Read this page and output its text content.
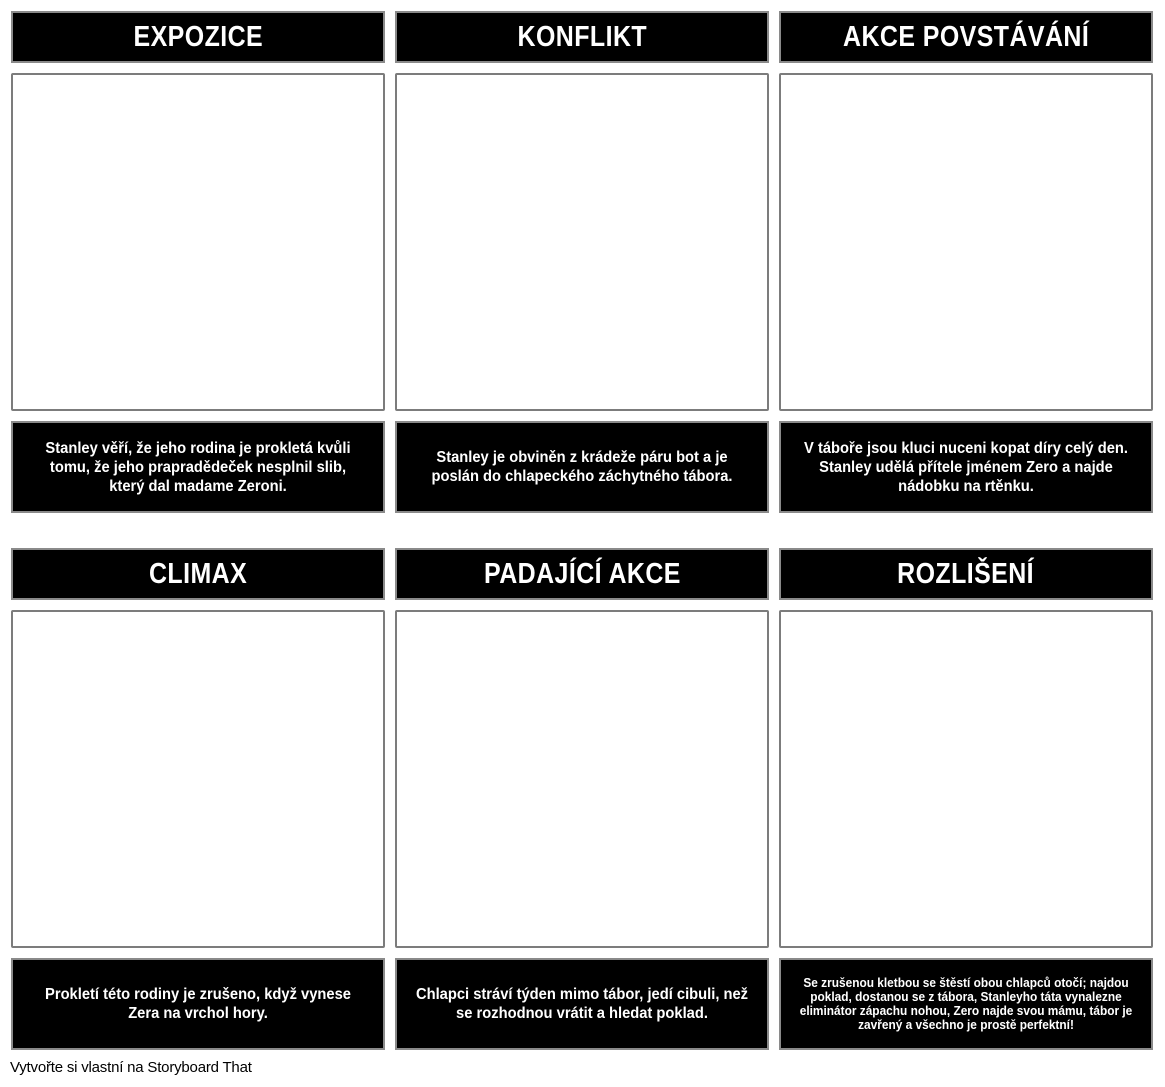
EXPOZICE
Stanley věří, že jeho rodina je prokletá kvůli tomu, že jeho prapradědeček nesplnil slib, který dal madame Zeroni.
KONFLIKT
Stanley je obviněn z krádeže páru bot a je poslán do chlapeckého záchytného tábora.
AKCE POVSTÁVÁNÍ
V táboře jsou kluci nuceni kopat díry celý den. Stanley udělá přítele jménem Zero a najde nádobku na rtěnku.
CLIMAX
Prokletí této rodiny je zrušeno, když vynese Zera na vrchol hory.
PADAJÍCÍ AKCE
Chlapci stráví týden mimo tábor, jedí cibuli, než se rozhodnou vrátit a hledat poklad.
ROZLIŠENÍ
Se zrušenou kletbou se štěstí obou chlapců otočí; najdou poklad, dostanou se z tábora, Stanleyho táta vynalezne eliminátor zápachu nohou, Zero najde svou mámu, tábor je zavřený a všechno je prostě perfektní!
Vytvořte si vlastní na Storyboard That
